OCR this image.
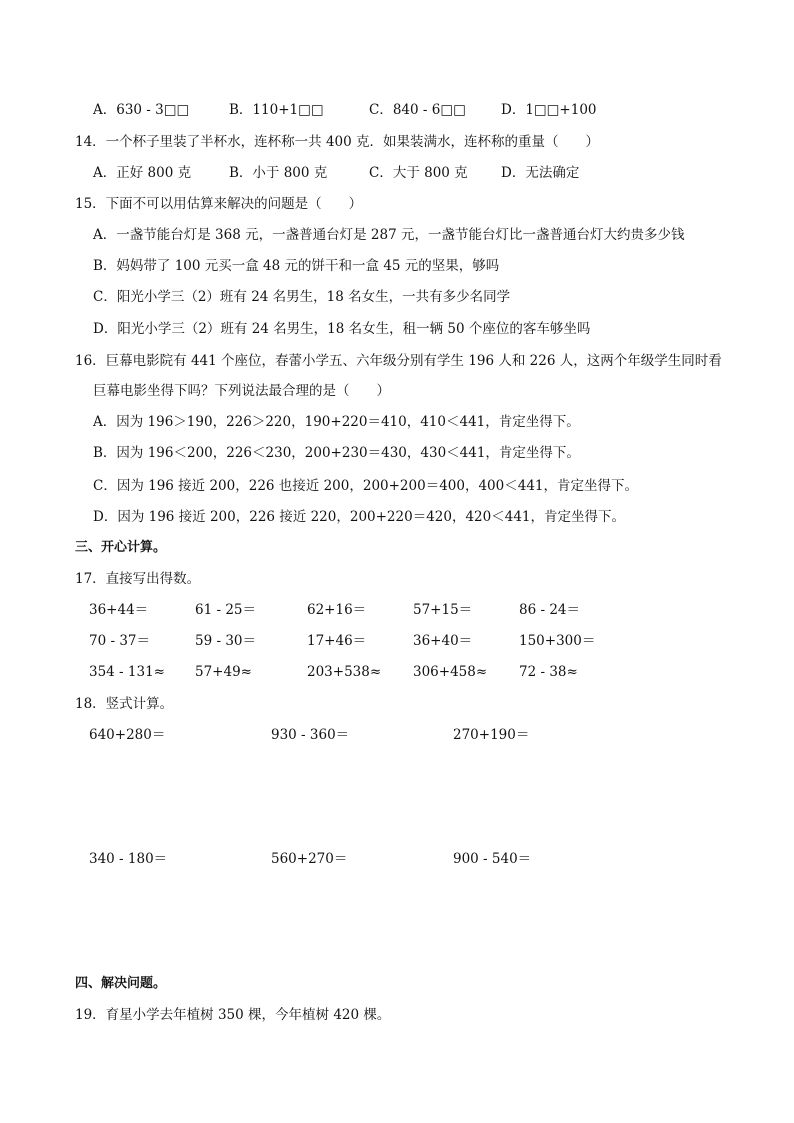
A．630 - 3□□	B．110+1□□	C．840 - 6□□	D．1□□+100
14．一个杯子里装了半杯水，连杯称一共 400 克．如果装满水，连杯称的重量（　　）
A．正好 800 克	B．小于 800 克	C．大于 800 克 D．无法确定
15．下面不可以用估算来解决的问题是（　　）
A．一盏节能台灯是 368 元，一盏普通台灯是 287 元，一盏节能台灯比一盏普通台灯大约贵多少钱
B．妈妈带了 100 元买一盒 48 元的饼干和一盒 45 元的坚果，够吗
C．阳光小学三（2）班有 24 名男生，18 名女生，一共有多少名同学
D．阳光小学三（2）班有 24 名男生，18 名女生，租一辆 50 个座位的客车够坐吗
16．巨幕电影院有 441 个座位，春蕾小学五、六年级分别有学生 196 人和 226 人，这两个年级学生同时看
巨幕电影坐得下吗？下列说法最合理的是（　　）
A．因为 196＞190，226＞220，190+220＝410，410＜441，肯定坐得下。
B．因为 196＜200，226＜230，200+230＝430，430＜441，肯定坐得下。
C．因为 196 接近 200，226 也接近 200，200+200＝400，400＜441，肯定坐得下。
D．因为 196 接近 200，226 接近 220，200+220＝420，420＜441，肯定坐得下。
三、开心计算。
17．直接写出得数。
36+44＝	61 - 25＝	62+16＝	57+15＝	86 - 24＝
70 - 37＝	59 - 30＝	17+46＝	36+40＝	150+300＝
354 - 131≈ 57+49≈	203+538≈ 306+458≈ 72 - 38≈
18．竖式计算。
640+280＝	930 - 360＝	270+190＝
340 - 180＝	560+270＝	900 - 540＝
四、解决问题。
19．育星小学去年植树 350 棵，今年植树 420 棵。
